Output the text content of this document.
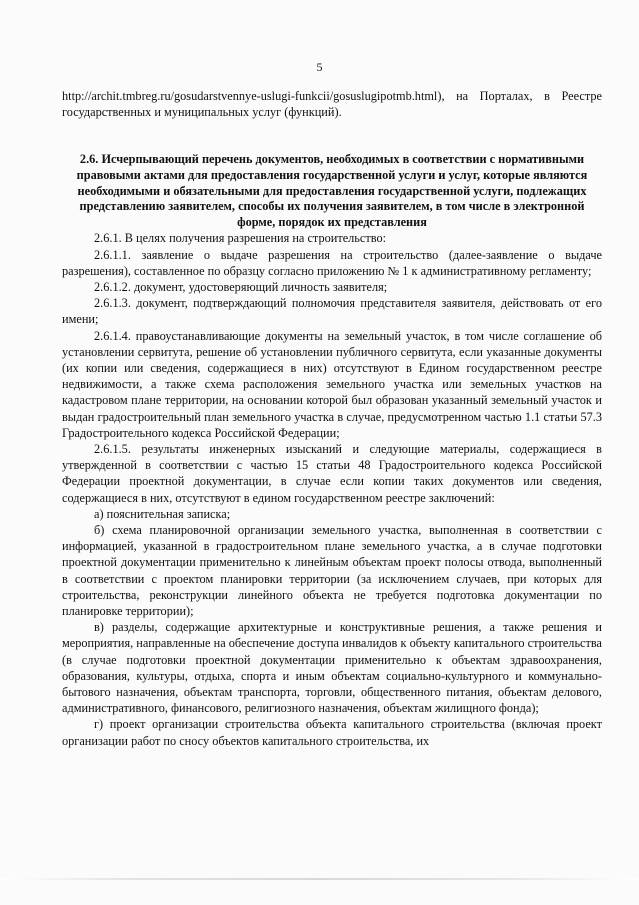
5

http://archit.tmbreg.ru/gosudarstvennye-uslugi-funkcii/gosuslugipotmb.html), на Порталах, в Реестре государственных и муниципальных услуг (функций).

2.6. Исчерпывающий перечень документов, необходимых в соответствии с нормативными правовыми актами для предоставления государственной услуги и услуг, которые являются необходимыми и обязательными для предоставления государственной услуги, подлежащих представлению заявителем, способы их получения заявителем, в том числе в электронной форме, порядок их представления

2.6.1. В целях получения разрешения на строительство:

2.6.1.1. заявление о выдаче разрешения на строительство (далее-заявление о выдаче разрешения), составленное по образцу согласно приложению № 1 к административному регламенту;

2.6.1.2. документ, удостоверяющий личность заявителя;

2.6.1.3. документ, подтверждающий полномочия представителя заявителя, действовать от его имени;

2.6.1.4. правоустанавливающие документы на земельный участок, в том числе соглашение об установлении сервитута, решение об установлении публичного сервитута, если указанные документы (их копии или сведения, содержащиеся в них) отсутствуют в Едином государственном реестре недвижимости, а также схема расположения земельного участка или земельных участков на кадастровом плане территории, на основании которой был образован указанный земельный участок и выдан градостроительный план земельного участка в случае, предусмотренном частью 1.1 статьи 57.3 Градостроительного кодекса Российской Федерации;

2.6.1.5. результаты инженерных изысканий и следующие материалы, содержащиеся в утвержденной в соответствии с частью 15 статьи 48 Градостроительного кодекса Российской Федерации проектной документации, в случае если копии таких документов или сведения, содержащиеся в них, отсутствуют в едином государственном реестре заключений:

а) пояснительная записка;

б) схема планировочной организации земельного участка, выполненная в соответствии с информацией, указанной в градостроительном плане земельного участка, а в случае подготовки проектной документации применительно к линейным объектам проект полосы отвода, выполненный в соответствии с проектом планировки территории (за исключением случаев, при которых для строительства, реконструкции линейного объекта не требуется подготовка документации по планировке территории);

в) разделы, содержащие архитектурные и конструктивные решения, а также решения и мероприятия, направленные на обеспечение доступа инвалидов к объекту капитального строительства (в случае подготовки проектной документации применительно к объектам здравоохранения, образования, культуры, отдыха, спорта и иным объектам социально-культурного и коммунально-бытового назначения, объектам транспорта, торговли, общественного питания, объектам делового, административного, финансового, религиозного назначения, объектам жилищного фонда);

г) проект организации строительства объекта капитального строительства (включая проект организации работ по сносу объектов капитального строительства, их
